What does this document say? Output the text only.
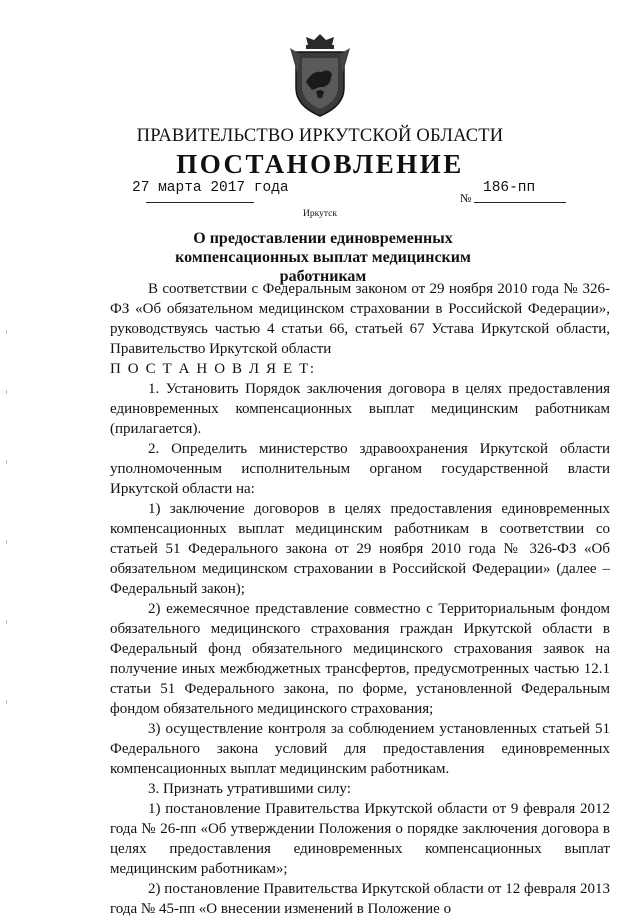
ПРАВИТЕЛЬСТВО ИРКУТСКОЙ ОБЛАСТИ
ПОСТАНОВЛЕНИЕ
27 марта 2017 года
№
186-пп
Иркутск
О предоставлении единовременных компенсационных выплат медицинским работникам

В соответствии с Федеральным законом от 29 ноября 2010 года № 326-ФЗ «Об обязательном медицинском страховании в Российской Федерации», руководствуясь частью 4 статьи 66, статьей 67 Устава Иркутской области, Правительство Иркутской области

П О С Т А Н О В Л Я Е Т:

1. Установить Порядок заключения договора в целях предоставления единовременных компенсационных выплат медицинским работникам (прилагается).

2. Определить министерство здравоохранения Иркутской области уполномоченным исполнительным органом государственной власти Иркутской области на:

1) заключение договоров в целях предоставления единовременных компенсационных выплат медицинским работникам в соответствии со статьей 51 Федерального закона от 29 ноября 2010 года № 326-ФЗ «Об обязательном медицинском страховании в Российской Федерации» (далее – Федеральный закон);

2) ежемесячное представление совместно с Территориальным фондом обязательного медицинского страхования граждан Иркутской области в Федеральный фонд обязательного медицинского страхования заявок на получение иных межбюджетных трансфертов, предусмотренных частью 12.1 статьи 51 Федерального закона, по форме, установленной Федеральным фондом обязательного медицинского страхования;

3) осуществление контроля за соблюдением установленных статьей 51 Федерального закона условий для предоставления единовременных компенсационных выплат медицинским работникам.

3. Признать утратившими силу:

1) постановление Правительства Иркутской области от 9 февраля 2012 года № 26-пп «Об утверждении Положения о порядке заключения договора в целях предоставления единовременных компенсационных выплат медицинским работникам»;

2) постановление Правительства Иркутской области от 12 февраля 2013 года № 45-пп «О внесении изменений в Положение о
